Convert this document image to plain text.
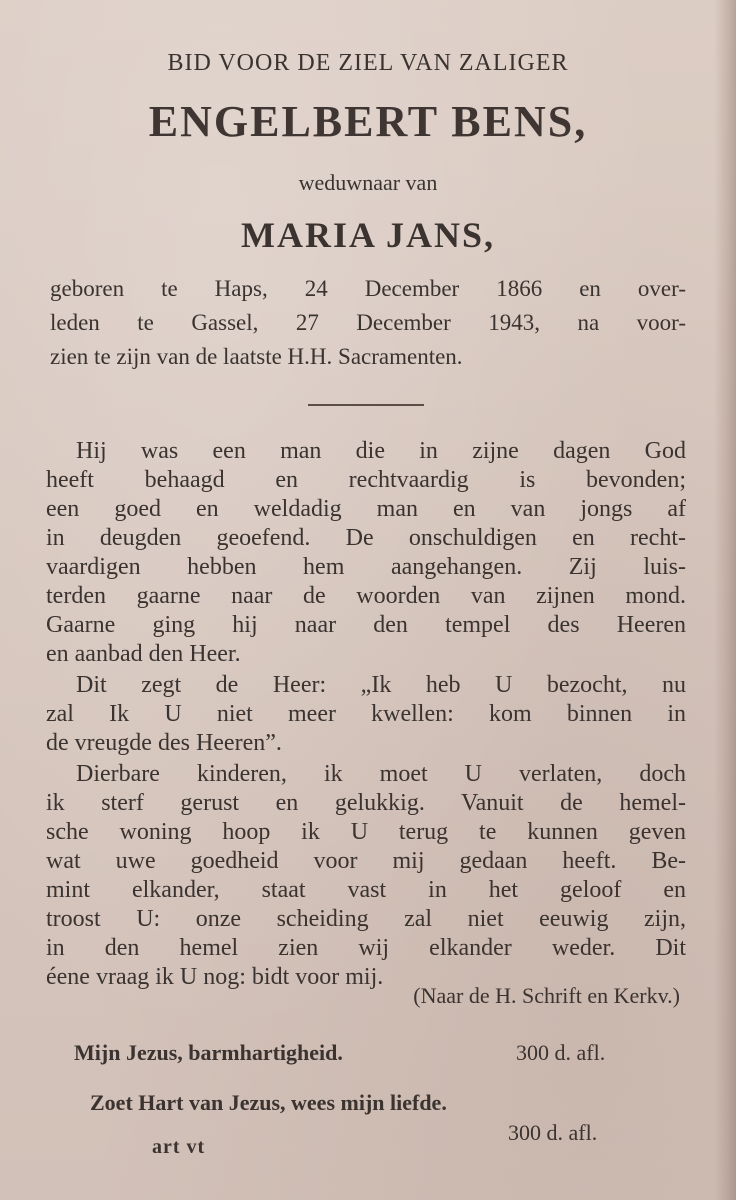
BID VOOR DE ZIEL VAN ZALIGER
ENGELBERT BENS,
weduwnaar van
MARIA JANS,
geboren te Haps, 24 December 1866 en over-
leden te Gassel, 27 December 1943, na voor-
zien te zijn van de laatste H.H. Sacramenten.
Hij was een man die in zijne dagen God
heeft behaagd en rechtvaardig is bevonden;
een goed en weldadig man en van jongs af
in deugden geoefend. De onschuldigen en recht-
vaardigen hebben hem aangehangen. Zij luis-
terden gaarne naar de woorden van zijnen mond.
Gaarne ging hij naar den tempel des Heeren
en aanbad den Heer.
Dit zegt de Heer: „Ik heb U bezocht, nu
zal Ik U niet meer kwellen: kom binnen in
de vreugde des Heeren”.
Dierbare kinderen, ik moet U verlaten, doch
ik sterf gerust en gelukkig. Vanuit de hemel-
sche woning hoop ik U terug te kunnen geven
wat uwe goedheid voor mij gedaan heeft. Be-
mint elkander, staat vast in het geloof en
troost U: onze scheiding zal niet eeuwig zijn,
in den hemel zien wij elkander weder. Dit
éene vraag ik U nog: bidt voor mij.
(Naar de H. Schrift en Kerkv.)
Mijn Jezus, barmhartigheid.	300 d. afl.
Zoet Hart van Jezus, wees mijn liefde.
300 d. afl.
art vt
